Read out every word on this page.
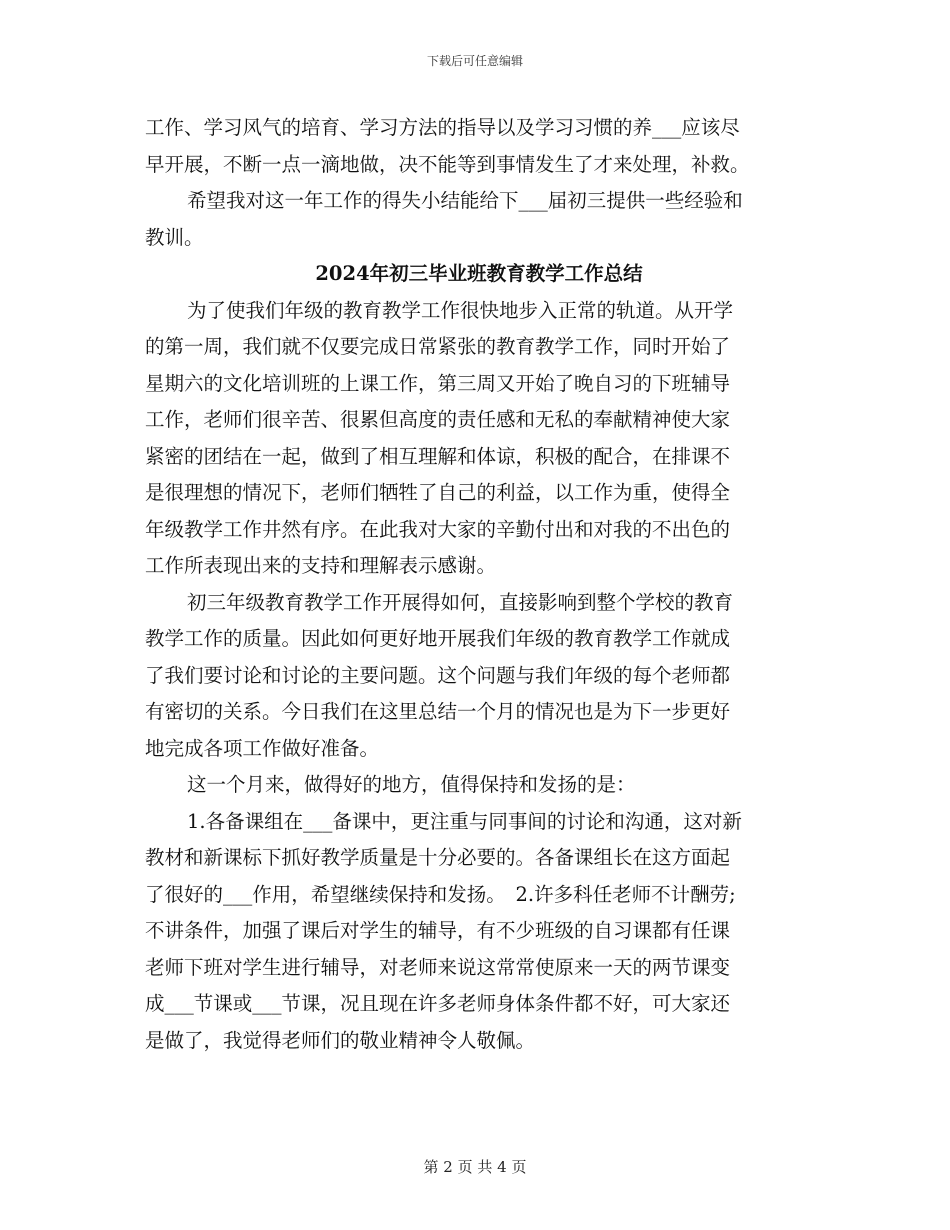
下载后可任意编辑
工作、学习风气的培育、学习方法的指导以及学习习惯的养___应该尽
早开展，不断一点一滴地做，决不能等到事情发生了才来处理，补救。
希望我对这一年工作的得失小结能给下___届初三提供一些经验和
教训。
2024年初三毕业班教育教学工作总结
为了使我们年级的教育教学工作很快地步入正常的轨道。从开学
的第一周，我们就不仅要完成日常紧张的教育教学工作，同时开始了
星期六的文化培训班的上课工作，第三周又开始了晚自习的下班辅导
工作，老师们很辛苦、很累但高度的责任感和无私的奉献精神使大家
紧密的团结在一起，做到了相互理解和体谅，积极的配合，在排课不
是很理想的情况下，老师们牺牲了自己的利益，以工作为重，使得全
年级教学工作井然有序。在此我对大家的辛勤付出和对我的不出色的
工作所表现出来的支持和理解表示感谢。
初三年级教育教学工作开展得如何，直接影响到整个学校的教育
教学工作的质量。因此如何更好地开展我们年级的教育教学工作就成
了我们要讨论和讨论的主要问题。这个问题与我们年级的每个老师都
有密切的关系。今日我们在这里总结一个月的情况也是为下一步更好
地完成各项工作做好准备。
这一个月来，做得好的地方，值得保持和发扬的是：
1.各备课组在___备课中，更注重与同事间的讨论和沟通，这对新
教材和新课标下抓好教学质量是十分必要的。各备课组长在这方面起
了很好的___作用，希望继续保持和发扬。　2.许多科任老师不计酬劳;
不讲条件，加强了课后对学生的辅导，有不少班级的自习课都有任课
老师下班对学生进行辅导，对老师来说这常常使原来一天的两节课变
成___节课或___节课，况且现在许多老师身体条件都不好，可大家还
是做了，我觉得老师们的敬业精神令人敬佩。
第 2 页 共 4 页
